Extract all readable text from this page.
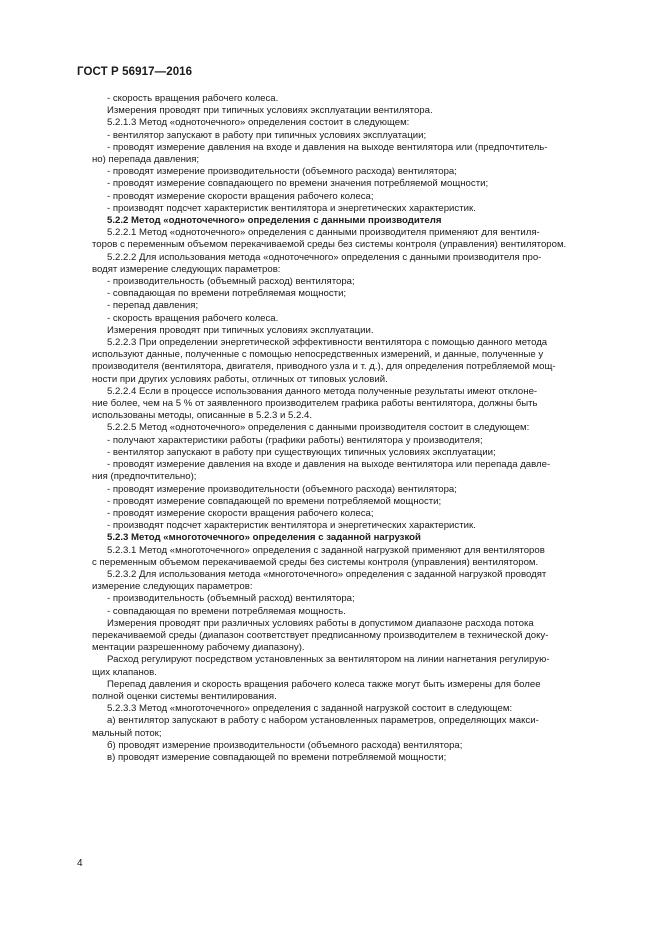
ГОСТ Р 56917—2016
- скорость вращения рабочего колеса.
Измерения проводят при типичных условиях эксплуатации вентилятора.
5.2.1.3 Метод «одноточечного» определения состоит в следующем:
- вентилятор запускают в работу при типичных условиях эксплуатации;
- проводят измерение давления на входе и давления на выходе вентилятора или (предпочтитель-
но) перепада давления;
- проводят измерение производительности (объемного расхода) вентилятора;
- проводят измерение совпадающего по времени значения потребляемой мощности;
- проводят измерение скорости вращения рабочего колеса;
- производят подсчет характеристик вентилятора и энергетических характеристик.
5.2.2 Метод «одноточечного» определения с данными производителя
5.2.2.1 Метод «одноточечного» определения с данными производителя применяют для вентиля-
торов с переменным объемом перекачиваемой среды без системы контроля (управления) вентилятором.
5.2.2.2 Для использования метода «одноточечного» определения с данными производителя про-
водят измерение следующих параметров:
- производительность (объемный расход) вентилятора;
- совпадающая по времени потребляемая мощности;
- перепад давления;
- скорость вращения рабочего колеса.
Измерения проводят при типичных условиях эксплуатации.
5.2.2.3 При определении энергетической эффективности вентилятора с помощью данного метода
используют данные, полученные с помощью непосредственных измерений, и данные, полученные у
производителя (вентилятора, двигателя, приводного узла и т. д.), для определения потребляемой мощ-
ности при других условиях работы, отличных от типовых условий.
5.2.2.4 Если в процессе использования данного метода полученные результаты имеют отклоне-
ние более, чем на 5 % от заявленного производителем графика работы вентилятора, должны быть
использованы методы, описанные в 5.2.3 и 5.2.4.
5.2.2.5 Метод «одноточечного» определения с данными производителя состоит в следующем:
- получают характеристики работы (графики работы) вентилятора у производителя;
- вентилятор запускают в работу при существующих типичных условиях эксплуатации;
- проводят измерение давления на входе и давления на выходе вентилятора или перепада давле-
ния (предпочтительно);
- проводят измерение производительности (объемного расхода) вентилятора;
- проводят измерение совпадающей по времени потребляемой мощности;
- проводят измерение скорости вращения рабочего колеса;
- производят подсчет характеристик вентилятора и энергетических характеристик.
5.2.3 Метод «многоточечного» определения с заданной нагрузкой
5.2.3.1 Метод «многоточечного» определения с заданной нагрузкой применяют для вентиляторов
с переменным объемом перекачиваемой среды без системы контроля (управления) вентилятором.
5.2.3.2 Для использования метода «многоточечного» определения с заданной нагрузкой проводят
измерение следующих параметров:
- производительность (объемный расход) вентилятора;
- совпадающая по времени потребляемая мощность.
Измерения проводят при различных условиях работы в допустимом диапазоне расхода потока
перекачиваемой среды (диапазон соответствует предписанному производителем в технической доку-
ментации разрешенному рабочему диапазону).
Расход регулируют посредством установленных за вентилятором на линии нагнетания регулирую-
щих клапанов.
Перепад давления и скорость вращения рабочего колеса также могут быть измерены для более
полной оценки системы вентилирования.
5.2.3.3 Метод «многоточечного» определения с заданной нагрузкой состоит в следующем:
а) вентилятор запускают в работу с набором установленных параметров, определяющих макси-
мальный поток;
б) проводят измерение производительности (объемного расхода) вентилятора;
в) проводят измерение совпадающей по времени потребляемой мощности;
4
